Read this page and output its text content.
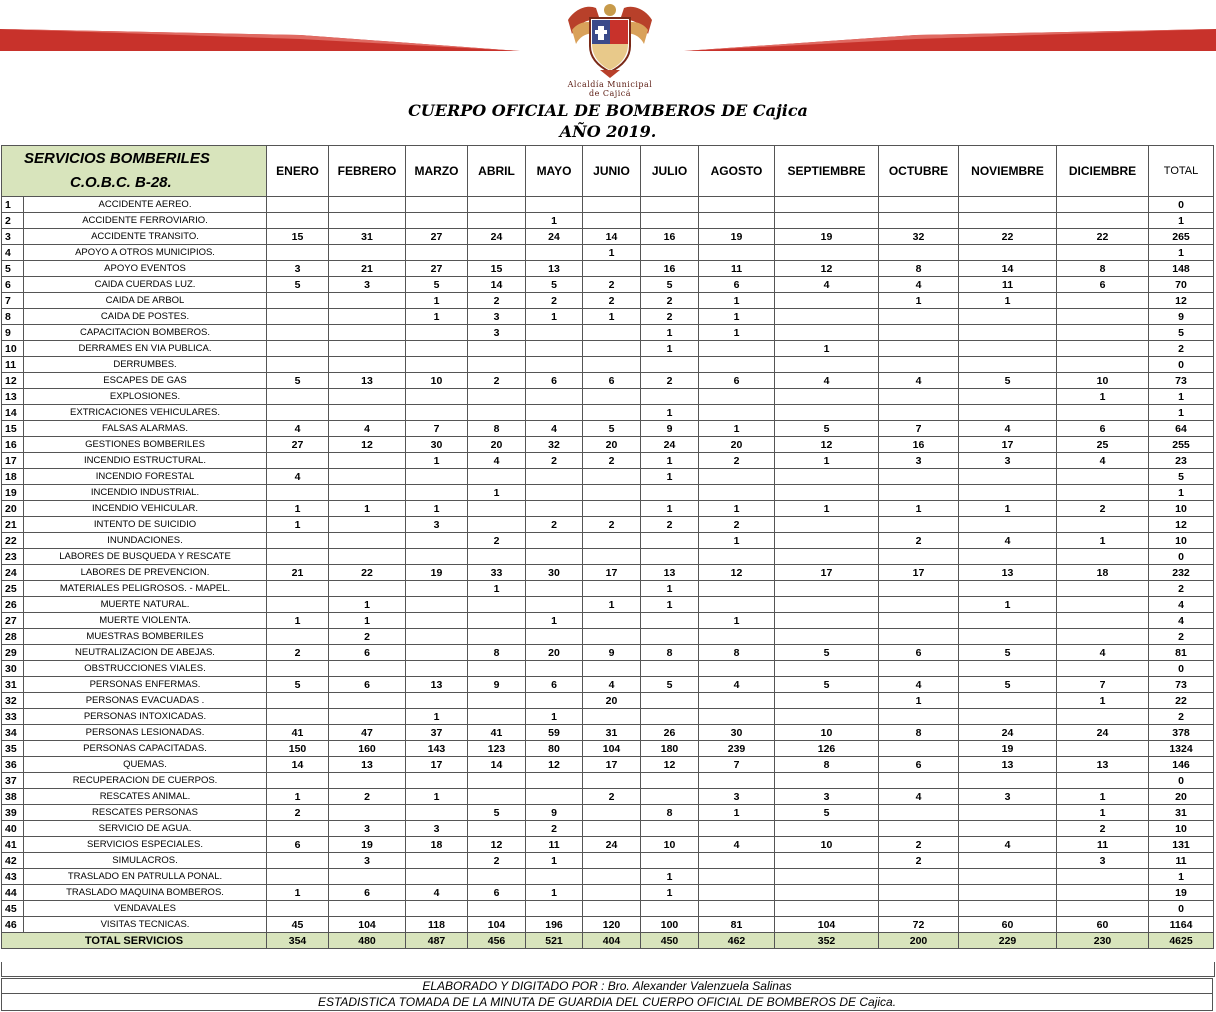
Alcaldía Municipal
de Cajicá
CUERPO OFICIAL DE BOMBEROS DE Cajica
AÑO 2019.
SERVICIOS BOMBERILES
C.O.B.C. B-28.		ENERO	FEBRERO	MARZO	ABRIL	MAYO	JUNIO	JULIO	AGOSTO	SEPTIEMBRE	OCTUBRE	NOVIEMBRE	DICIEMBRE	TOTAL
1	ACCIDENTE AEREO.													0
2	ACCIDENTE FERROVIARIO.					1								1
3	ACCIDENTE TRANSITO.	15	31	27	24	24	14	16	19	19	32	22	22	265
4	APOYO A OTROS MUNICIPIOS.						1							1
5	APOYO EVENTOS	3	21	27	15	13		16	11	12	8	14	8	148
6	CAIDA CUERDAS LUZ.	5	3	5	14	5	2	5	6	4	4	11	6	70
7	CAIDA DE ARBOL			1	2	2	2	2	1		1	1		12
8	CAIDA DE POSTES.			1	3	1	1	2	1					9
9	CAPACITACION BOMBEROS.				3			1	1					5
10	DERRAMES EN VIA PUBLICA.							1		1				2
11	DERRUMBES.													0
12	ESCAPES DE GAS	5	13	10	2	6	6	2	6	4	4	5	10	73
13	EXPLOSIONES.												1	1
14	EXTRICACIONES VEHICULARES.							1						1
15	FALSAS ALARMAS.	4	4	7	8	4	5	9	1	5	7	4	6	64
16	GESTIONES BOMBERILES	27	12	30	20	32	20	24	20	12	16	17	25	255
17	INCENDIO ESTRUCTURAL.			1	4	2	2	1	2	1	3	3	4	23
18	INCENDIO FORESTAL	4						1						5
19	INCENDIO INDUSTRIAL.				1									1
20	INCENDIO VEHICULAR.	1	1	1				1	1	1	1	1	2	10
21	INTENTO DE SUICIDIO	1		3		2	2	2	2					12
22	INUNDACIONES.				2				1		2	4	1	10
23	LABORES DE BUSQUEDA Y RESCATE													0
24	LABORES DE PREVENCION.	21	22	19	33	30	17	13	12	17	17	13	18	232
25	MATERIALES PELIGROSOS. - MAPEL.				1			1						2
26	MUERTE NATURAL.		1				1	1				1		4
27	MUERTE VIOLENTA.	1	1			1			1					4
28	MUESTRAS BOMBERILES		2											2
29	NEUTRALIZACION DE ABEJAS.	2	6		8	20	9	8	8	5	6	5	4	81
30	OBSTRUCCIONES VIALES.													0
31	PERSONAS ENFERMAS.	5	6	13	9	6	4	5	4	5	4	5	7	73
32	PERSONAS EVACUADAS .						20				1		1	22
33	PERSONAS INTOXICADAS.			1		1								2
34	PERSONAS LESIONADAS.	41	47	37	41	59	31	26	30	10	8	24	24	378
35	PERSONAS CAPACITADAS.	150	160	143	123	80	104	180	239	126		19		1324
36	QUEMAS.	14	13	17	14	12	17	12	7	8	6	13	13	146
37	RECUPERACION DE CUERPOS.													0
38	RESCATES ANIMAL.	1	2	1			2		3	3	4	3	1	20
39	RESCATES PERSONAS	2			5	9		8	1	5			1	31
40	SERVICIO DE AGUA.		3	3		2							2	10
41	SERVICIOS ESPECIALES.	6	19	18	12	11	24	10	4	10	2	4	11	131
42	SIMULACROS.		3		2	1					2		3	11
43	TRASLADO EN PATRULLA PONAL.							1						1
44	TRASLADO MAQUINA BOMBEROS.	1	6	4	6	1		1						19
45	VENDAVALES													0
46	VISITAS TECNICAS.	45	104	118	104	196	120	100	81	104	72	60	60	1164
TOTAL SERVICIOS		354	480	487	456	521	404	450	462	352	200	229	230	4625
ELABORADO Y DIGITADO POR : Bro. Alexander Valenzuela Salinas
ESTADISTICA TOMADA DE LA MINUTA DE GUARDIA DEL CUERPO OFICIAL DE BOMBEROS DE Cajica.
